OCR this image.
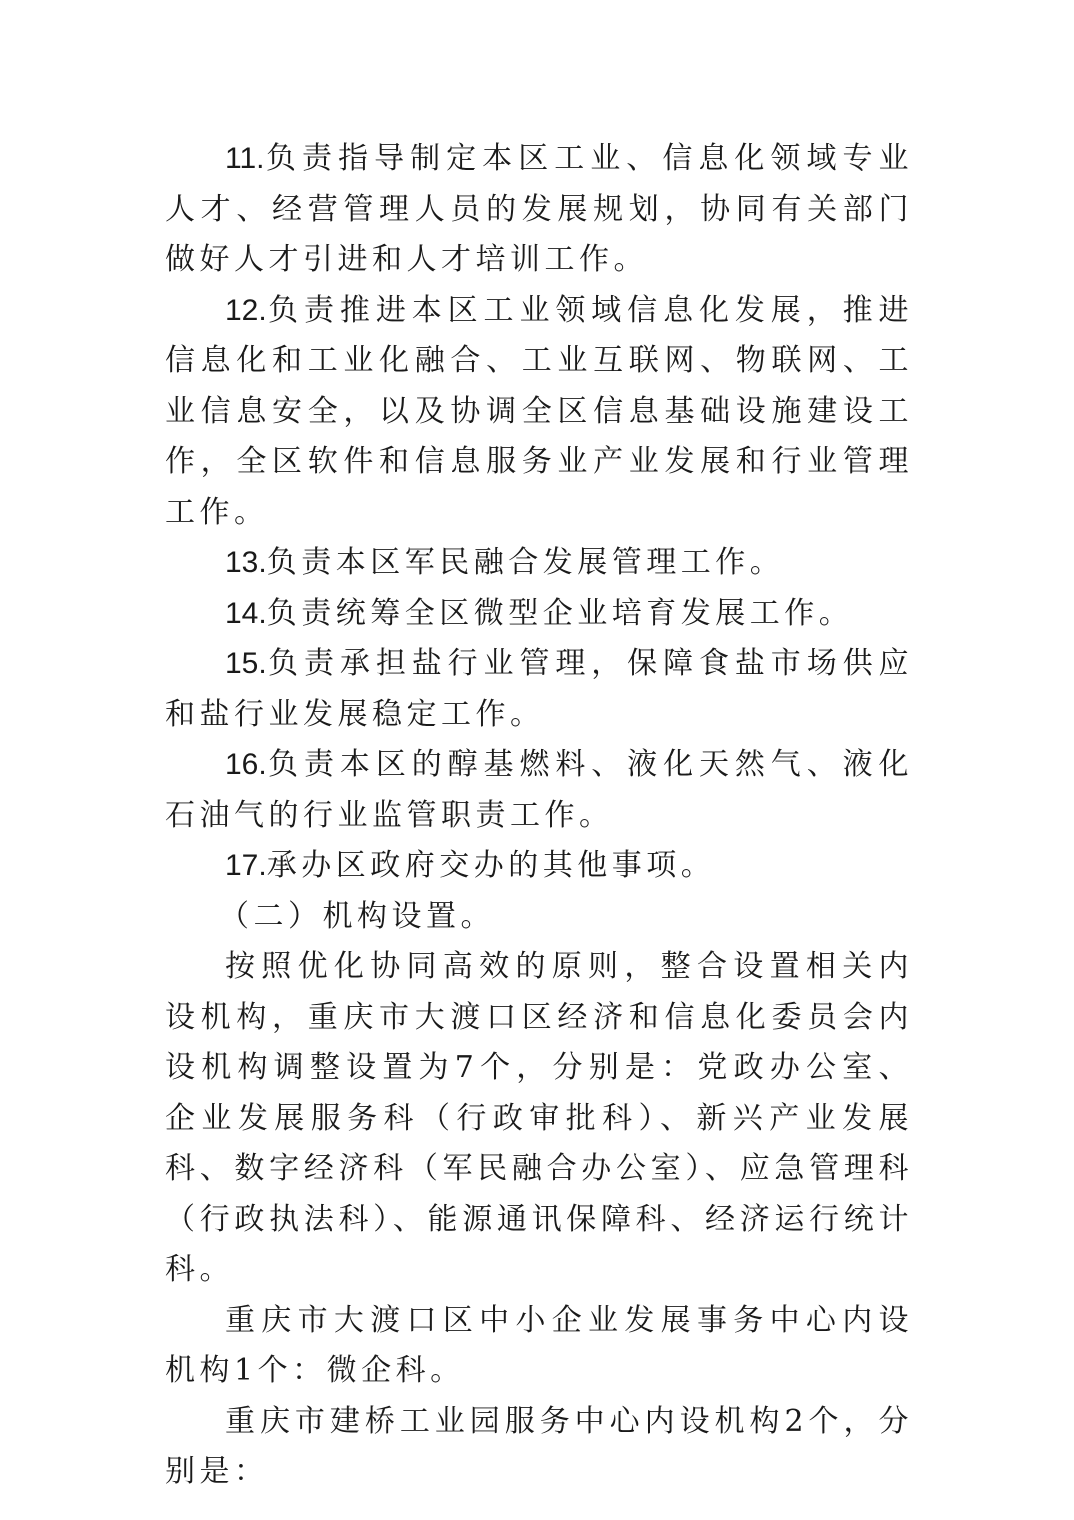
11.负责指导制定本区工业、信息化领域专业人才、经营管理人员的发展规划，协同有关部门做好人才引进和人才培训工作。

12.负责推进本区工业领域信息化发展，推进信息化和工业化融合、工业互联网、物联网、工业信息安全，以及协调全区信息基础设施建设工作，全区软件和信息服务业产业发展和行业管理工作。

13.负责本区军民融合发展管理工作。

14.负责统筹全区微型企业培育发展工作。

15.负责承担盐行业管理，保障食盐市场供应和盐行业发展稳定工作。

16.负责本区的醇基燃料、液化天然气、液化石油气的行业监管职责工作。

17.承办区政府交办的其他事项。

（二）机构设置。

按照优化协同高效的原则，整合设置相关内设机构，重庆市大渡口区经济和信息化委员会内设机构调整设置为7个，分别是：党政办公室、企业发展服务科（行政审批科）、新兴产业发展科、数字经济科（军民融合办公室）、应急管理科（行政执法科）、能源通讯保障科、经济运行统计科。

重庆市大渡口区中小企业发展事务中心内设机构1个：微企科。

重庆市建桥工业园服务中心内设机构2个，分别是：
